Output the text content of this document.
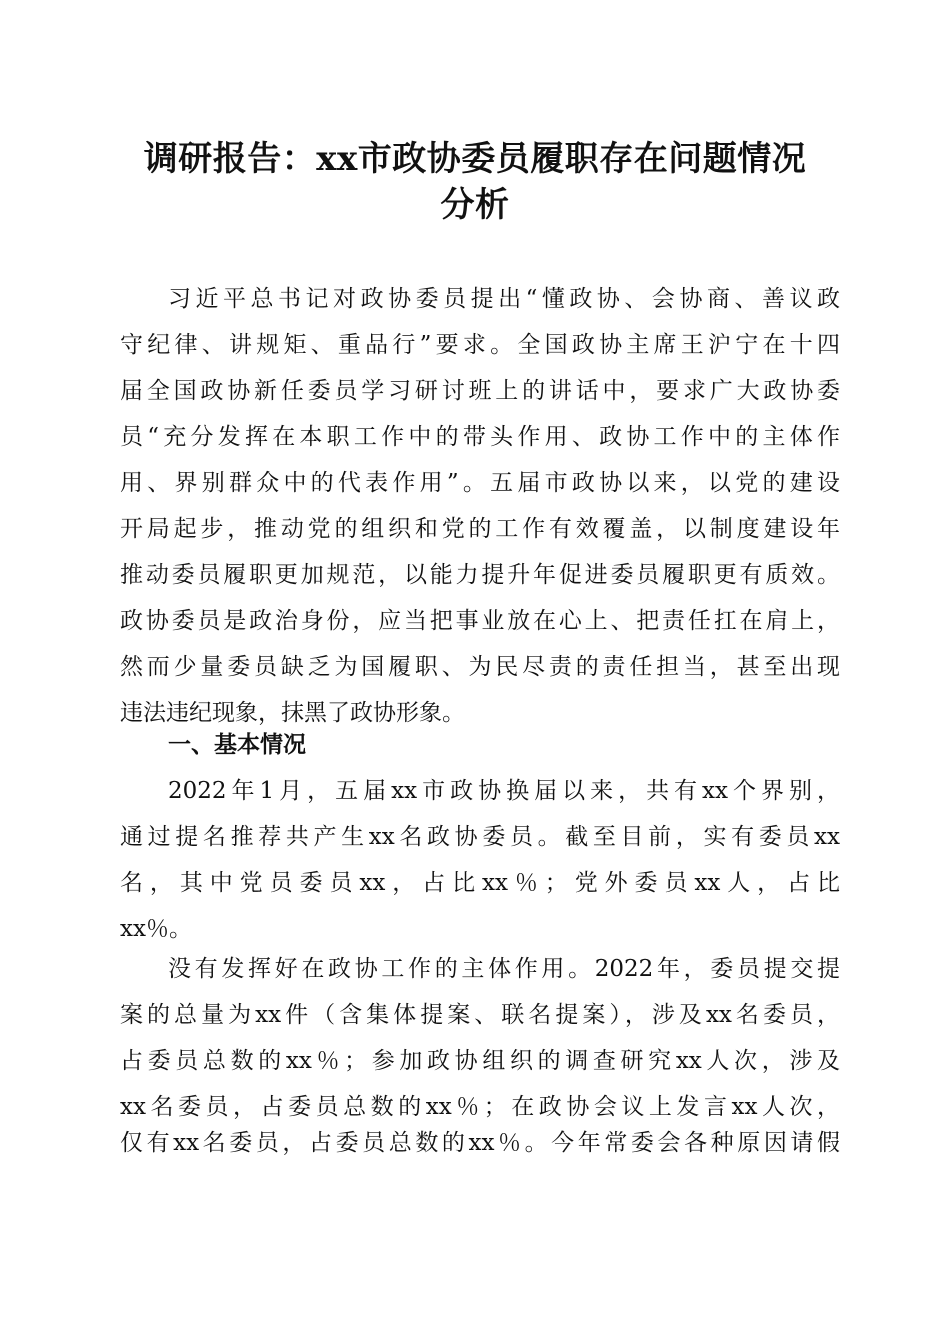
调研报告：xx市政协委员履职存在问题情况
分析
习近平总书记对政协委员提出“懂政协、会协商、善议政
守纪律、讲规矩、重品行”要求。全国政协主席王沪宁在十四
届全国政协新任委员学习研讨班上的讲话中，要求广大政协委
员“充分发挥在本职工作中的带头作用、政协工作中的主体作
用、界别群众中的代表作用”。五届市政协以来，以党的建设
开局起步，推动党的组织和党的工作有效覆盖，以制度建设年
推动委员履职更加规范，以能力提升年促进委员履职更有质效。
政协委员是政治身份，应当把事业放在心上、把责任扛在肩上，
然而少量委员缺乏为国履职、为民尽责的责任担当，甚至出现
违法违纪现象，抹黑了政协形象。
一、基本情况
2022年1月，五届xx市政协换届以来，共有xx个界别，
通过提名推荐共产生xx名政协委员。截至目前，实有委员xx
名，其中党员委员xx，占比xx％；党外委员xx人，占比
xx％。
没有发挥好在政协工作的主体作用。2022年，委员提交提
案的总量为xx件（含集体提案、联名提案），涉及xx名委员，
占委员总数的xx％；参加政协组织的调查研究xx人次，涉及
xx名委员，占委员总数的xx％；在政协会议上发言xx人次，
仅有xx名委员，占委员总数的xx％。今年常委会各种原因请假
